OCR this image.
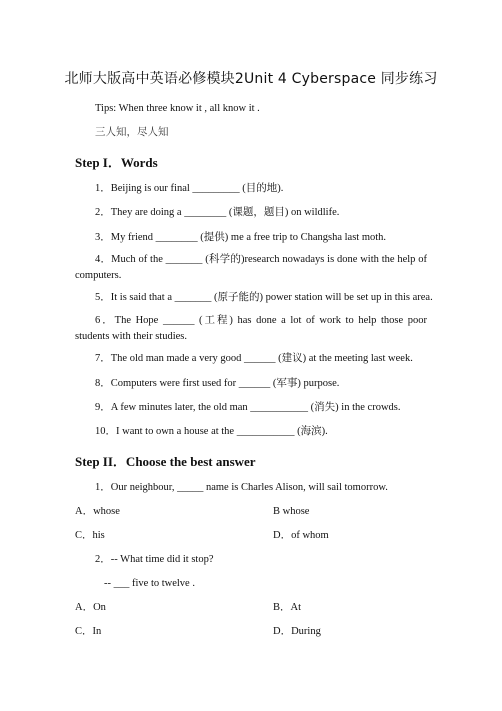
北师大版高中英语必修模块2Unit 4 Cyberspace 同步练习
Tips: When three know it , all know it .
三人知，尽人知
Step I．Words
1．Beijing is our final _________ (目的地).
2．They are doing a ________ (课题，题目) on wildlife.
3．My friend ________ (提供) me a free trip to Changsha last moth.
4．Much of the _______ (科学的)research nowadays is done with the help of computers.
5．It is said that a _______ (原子能的) power station will be set up in this area.
6．The Hope ______ (工程) has done a lot of work to help those poor students with their studies.
7．The old man made a very good ______ (建议) at the meeting last week.
8．Computers were first used for ______ (军事) purpose.
9．A few minutes later, the old man ___________ (消失) in the crowds.
10．I want to own a house at the ___________ (海滨).
Step II．Choose the best answer
1．Our neighbour, _____ name is Charles Alison, will sail tomorrow.
A．whose	B whose
C．his	D．of whom
2．-- What time did it stop?
-- ___ five to twelve .
A．On	B．At
C．In	D．During
